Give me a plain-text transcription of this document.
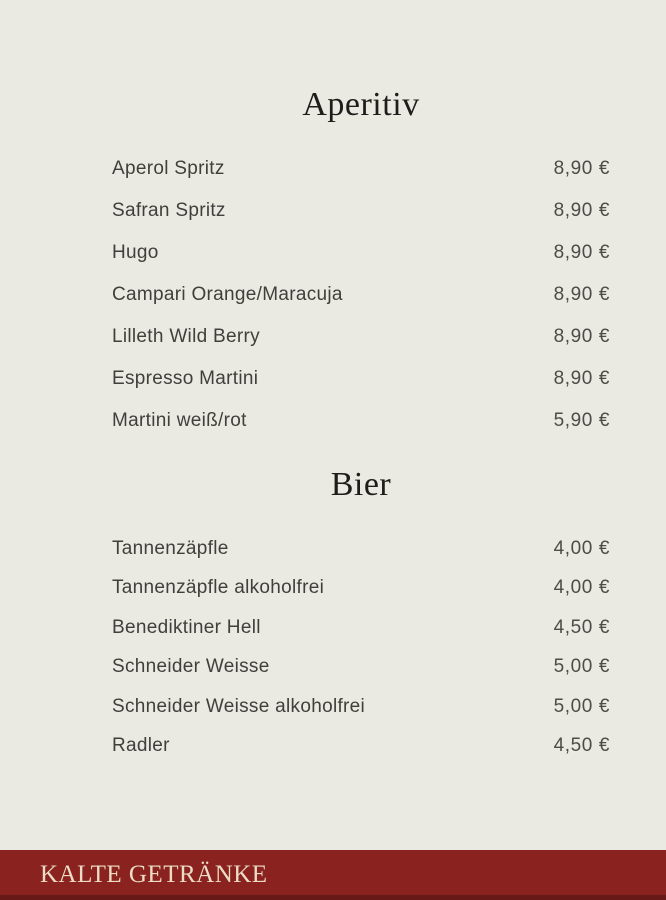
Aperitiv
Aperol Spritz	8,90 €
Safran Spritz	8,90 €
Hugo	8,90 €
Campari Orange/Maracuja	8,90 €
Lilleth Wild Berry	8,90 €
Espresso Martini	8,90 €
Martini weiß/rot	5,90 €
Bier
Tannenzäpfle	4,00 €
Tannenzäpfle alkoholfrei	4,00 €
Benediktiner Hell	4,50 €
Schneider Weisse	5,00 €
Schneider Weisse alkoholfrei	5,00 €
Radler	4,50 €
KALTE GETRÄNKE
